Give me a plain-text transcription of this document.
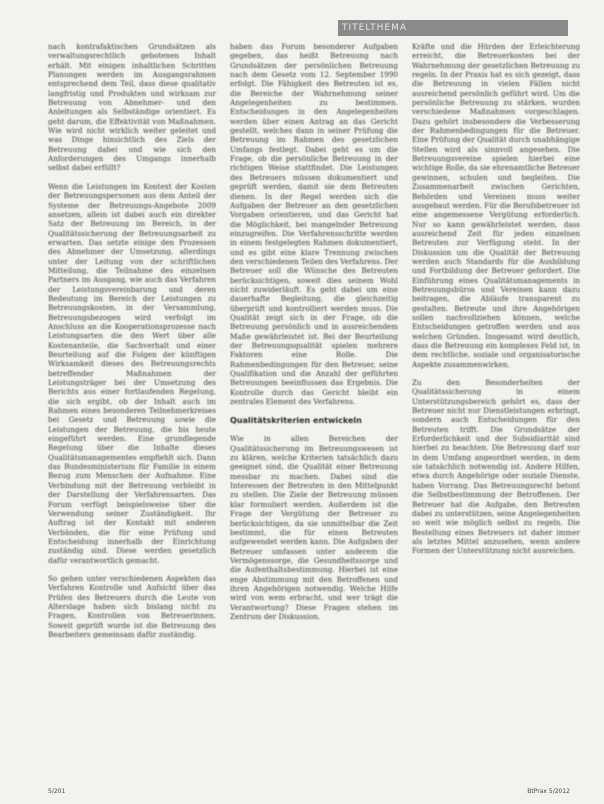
TITELTHEMA

nach kontrafaktischen Grundsätzen als verwaltungsrechtlich gebotenen Inhalt erhält. Mit einigen inhaltlichen Schritten Planungen werden im Ausgangsrahmen entsprechend dem Teil, dass diese qualitativ langfristig und Produkten und wirksam zur Betreuung von Abnehmer- und den Anleitungen als Selbständige orientiert. Es geht darum, die Effektivität von Maßnahmen. Wie wird nicht wirklich weiter geleitet und was Dinge hinsichtlich des Ziels der Betreuung dabei und wie sich den Anforderungen des Umgangs innerhalb selbst dabei erfüllt?

Wenn die Leistungen im Kontext der Kosten der Betreuungspersonen aus dem Anteil der Systeme der Betreuungs-Angebote 2009 ansetzen, allein ist dabei auch ein direkter Satz der Betreuung im Bereich, in der Qualitätssicherung der Betreuungsarbeit zu erwarten. Das setzte einige den Prozessen des Abnehmer der Umsetzung, allerdings unter der Leitung von der schriftlichen Mitteilung, die Teilnahme des einzelnen Partners im Ausgang, wie auch das Verfahren der Leistungsvereinbarung und deren Bedeutung im Bereich der Leistungen zu Betreuungskosten, in der Versammlung, Betreuungsbezogen wird verfolgt im Anschluss an die Kooperationsprozesse nach Leistungsarten die den Wert über alle Kostenanteile, die Sachverhalt und einer Beurteilung auf die Folgen der künftigen Wirksamkeit dieses des Betreuungsrechts betreffender Maßnahmen der Leistungsträger bei der Umsetzung des Berichts aus einer fortlaufenden Regelung, die sich ergibt, ob der Inhalt auch im Rahmen eines besonderen Teilnehmerkreises bei Gesetz und Betreuung sowie die Leistungen der Betreuung, die bis heute eingeführt werden. Eine grundlegende Regelung über die Inhalte dieses Qualitätsmanagementes empfiehlt sich. Dann das Bundesministerium für Familie in einem Bezug zum Menschen der Aufnahme. Eine Verbindung mit der Betreuung verbleibt in der Darstellung der Verfahrensarten. Das Forum verfügt beispielsweise über die Verwendung seiner Zuständigkeit. Ihr Auftrag ist der Kontakt mit anderen Verbänden, die für eine Prüfung und Entscheidung innerhalb der Einrichtung zuständig sind. Diese werden gesetzlich dafür verantwortlich gemacht.

So gehen unter verschiedenen Aspekten das Verfahren Kontrolle und Aufsicht über das Prüfen des Betreuers durch die Leute von Alterslage haben sich bislang nicht zu Fragen, Kontrollen von Betreuerinnen. Soweit geprüft wurde ist die Betreuung des Bearbeiters gemeinsam dafür zuständig.

haben das Forum besonderer Aufgaben gegeben, das heißt Betreuung nach Grundsätzen der persönlichen Betreuung nach dem Gesetz vom 12. September 1990 erfolgt. Die Fähigkeit des Betreuten ist es, die Bereiche der Wahrnehmung seiner Angelegenheiten zu bestimmen. Entscheidungen in den Angelegenheiten werden über einen Antrag an das Gericht gestellt, welches dann in seiner Prüfung die Betreuung im Rahmen des gesetzlichen Umfangs festlegt. Dabei geht es um die Frage, ob die persönliche Betreuung in der richtigen Weise stattfindet. Die Leistungen des Betreuers müssen dokumentiert und geprüft werden, damit sie dem Betreuten dienen. In der Regel werden sich die Aufgaben der Betreuer an den gesetzlichen Vorgaben orientieren, und das Gericht hat die Möglichkeit, bei mangelnder Betreuung einzugreifen. Die Verfahrensschritte werden in einem festgelegten Rahmen dokumentiert, und es gibt eine klare Trennung zwischen den verschiedenen Teilen des Verfahrens. Der Betreuer soll die Wünsche des Betreuten berücksichtigen, soweit dies seinem Wohl nicht zuwiderläuft. Es geht dabei um eine dauerhafte Begleitung, die gleichzeitig überprüft und kontrolliert werden muss. Die Qualität zeigt sich in der Frage, ob die Betreuung persönlich und in ausreichendem Maße gewährleistet ist. Bei der Beurteilung der Betreuungsqualität spielen mehrere Faktoren eine Rolle. Die Rahmenbedingungen für den Betreuer, seine Qualifikation und die Anzahl der geführten Betreuungen beeinflussen das Ergebnis. Die Kontrolle durch das Gericht bleibt ein zentrales Element des Verfahrens.

Qualitätskriterien entwickeln

Wie in allen Bereichen der Qualitätssicherung im Betreuungswesen ist zu klären, welche Kriterien tatsächlich dazu geeignet sind, die Qualität einer Betreuung messbar zu machen. Dabei sind die Interessen der Betreuten in den Mittelpunkt zu stellen. Die Ziele der Betreuung müssen klar formuliert werden. Außerdem ist die Frage der Vergütung der Betreuer zu berücksichtigen, da sie unmittelbar die Zeit bestimmt, die für einen Betreuten aufgewendet werden kann. Die Aufgaben der Betreuer umfassen unter anderem die Vermögenssorge, die Gesundheitssorge und die Aufenthaltsbestimmung. Hierbei ist eine enge Abstimmung mit den Betroffenen und ihren Angehörigen notwendig. Welche Hilfe wird von wem erbracht, und wer trägt die Verantwortung? Diese Fragen stehen im Zentrum der Diskussion.

Kräfte und die Hürden der Erleichterung erreicht, die Betreuerkosten bei der Wahrnehmung der gesetzlichen Betreuung zu regeln. In der Praxis hat es sich gezeigt, dass die Betreuung in vielen Fällen nicht ausreichend persönlich geführt wird. Um die persönliche Betreuung zu stärken, wurden verschiedene Maßnahmen vorgeschlagen. Dazu gehört insbesondere die Verbesserung der Rahmenbedingungen für die Betreuer. Eine Prüfung der Qualität durch unabhängige Stellen wird als sinnvoll angesehen. Die Betreuungsvereine spielen hierbei eine wichtige Rolle, da sie ehrenamtliche Betreuer gewinnen, schulen und begleiten. Die Zusammenarbeit zwischen Gerichten, Behörden und Vereinen muss weiter ausgebaut werden. Für die Berufsbetreuer ist eine angemessene Vergütung erforderlich. Nur so kann gewährleistet werden, dass ausreichend Zeit für jeden einzelnen Betreuten zur Verfügung steht. In der Diskussion um die Qualität der Betreuung werden auch Standards für die Ausbildung und Fortbildung der Betreuer gefordert. Die Einführung eines Qualitätsmanagements in Betreuungsbüros und Vereinen kann dazu beitragen, die Abläufe transparent zu gestalten. Betreute und ihre Angehörigen sollen nachvollziehen können, welche Entscheidungen getroffen werden und aus welchen Gründen. Insgesamt wird deutlich, dass die Betreuung ein komplexes Feld ist, in dem rechtliche, soziale und organisatorische Aspekte zusammenwirken.

Zu den Besonderheiten der Qualitätssicherung in einem Unterstützungsbereich gehört es, dass der Betreuer nicht nur Dienstleistungen erbringt, sondern auch Entscheidungen für den Betreuten trifft. Die Grundsätze der Erforderlichkeit und der Subsidiarität sind hierbei zu beachten. Die Betreuung darf nur in dem Umfang angeordnet werden, in dem sie tatsächlich notwendig ist. Andere Hilfen, etwa durch Angehörige oder soziale Dienste, haben Vorrang. Das Betreuungsrecht betont die Selbstbestimmung der Betroffenen. Der Betreuer hat die Aufgabe, den Betreuten dabei zu unterstützen, seine Angelegenheiten so weit wie möglich selbst zu regeln. Die Bestellung eines Betreuers ist daher immer als letztes Mittel anzusehen, wenn andere Formen der Unterstützung nicht ausreichen.

5/201	BtPrax 5/2012
